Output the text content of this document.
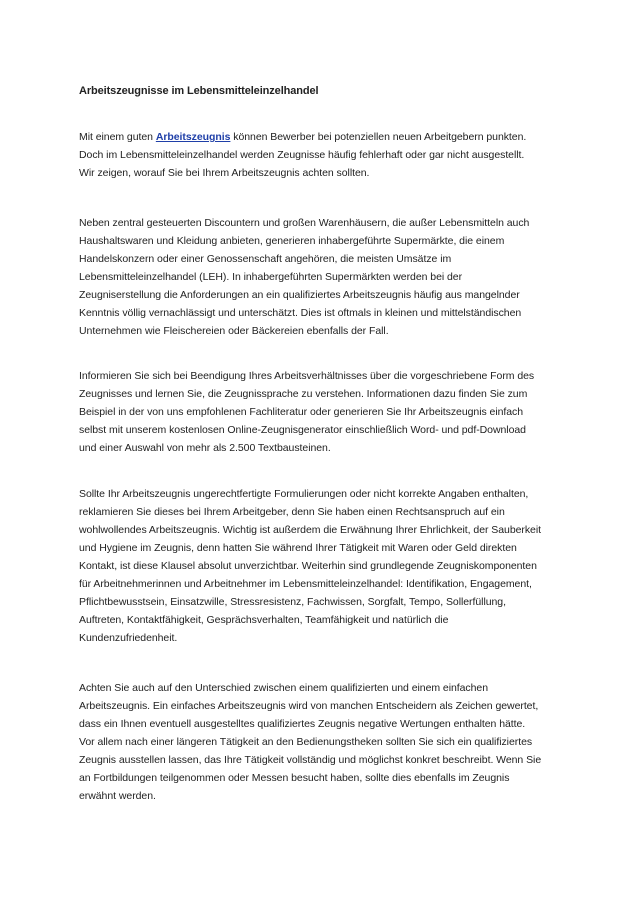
Arbeitszeugnisse im Lebensmitteleinzelhandel
Mit einem guten Arbeitszeugnis können Bewerber bei potenziellen neuen Arbeitgebern punkten.
Doch im Lebensmitteleinzelhandel werden Zeugnisse häufig fehlerhaft oder gar nicht ausgestellt.
Wir zeigen, worauf Sie bei Ihrem Arbeitszeugnis achten sollten.
Neben zentral gesteuerten Discountern und großen Warenhäusern, die außer Lebensmitteln auch
Haushaltswaren und Kleidung anbieten, generieren inhabergeführte Supermärkte, die einem
Handelskonzern oder einer Genossenschaft angehören, die meisten Umsätze im
Lebensmitteleinzelhandel (LEH). In inhabergeführten Supermärkten werden bei der
Zeugniserstellung die Anforderungen an ein qualifiziertes Arbeitszeugnis häufig aus mangelnder
Kenntnis völlig vernachlässigt und unterschätzt. Dies ist oftmals in kleinen und mittelständischen
Unternehmen wie Fleischereien oder Bäckereien ebenfalls der Fall.
Informieren Sie sich bei Beendigung Ihres Arbeitsverhältnisses über die vorgeschriebene Form des
Zeugnisses und lernen Sie, die Zeugnissprache zu verstehen. Informationen dazu finden Sie zum
Beispiel in der von uns empfohlenen Fachliteratur oder generieren Sie Ihr Arbeitszeugnis einfach
selbst mit unserem kostenlosen Online-Zeugnisgenerator einschließlich Word- und pdf-Download
und einer Auswahl von mehr als 2.500 Textbausteinen.
Sollte Ihr Arbeitszeugnis ungerechtfertigte Formulierungen oder nicht korrekte Angaben enthalten,
reklamieren Sie dieses bei Ihrem Arbeitgeber, denn Sie haben einen Rechtsanspruch auf ein
wohlwollendes Arbeitszeugnis. Wichtig ist außerdem die Erwähnung Ihrer Ehrlichkeit, der Sauberkeit
und Hygiene im Zeugnis, denn hatten Sie während Ihrer Tätigkeit mit Waren oder Geld direkten
Kontakt, ist diese Klausel absolut unverzichtbar. Weiterhin sind grundlegende Zeugniskomponenten
für Arbeitnehmerinnen und Arbeitnehmer im Lebensmitteleinzelhandel: Identifikation, Engagement,
Pflichtbewusstsein, Einsatzwille, Stressresistenz, Fachwissen, Sorgfalt, Tempo, Sollerfüllung,
Auftreten, Kontaktfähigkeit, Gesprächsverhalten, Teamfähigkeit und natürlich die
Kundenzufriedenheit.
Achten Sie auch auf den Unterschied zwischen einem qualifizierten und einem einfachen
Arbeitszeugnis. Ein einfaches Arbeitszeugnis wird von manchen Entscheidern als Zeichen gewertet,
dass ein Ihnen eventuell ausgestelltes qualifiziertes Zeugnis negative Wertungen enthalten hätte.
Vor allem nach einer längeren Tätigkeit an den Bedienungstheken sollten Sie sich ein qualifiziertes
Zeugnis ausstellen lassen, das Ihre Tätigkeit vollständig und möglichst konkret beschreibt. Wenn Sie
an Fortbildungen teilgenommen oder Messen besucht haben, sollte dies ebenfalls im Zeugnis
erwähnt werden.
